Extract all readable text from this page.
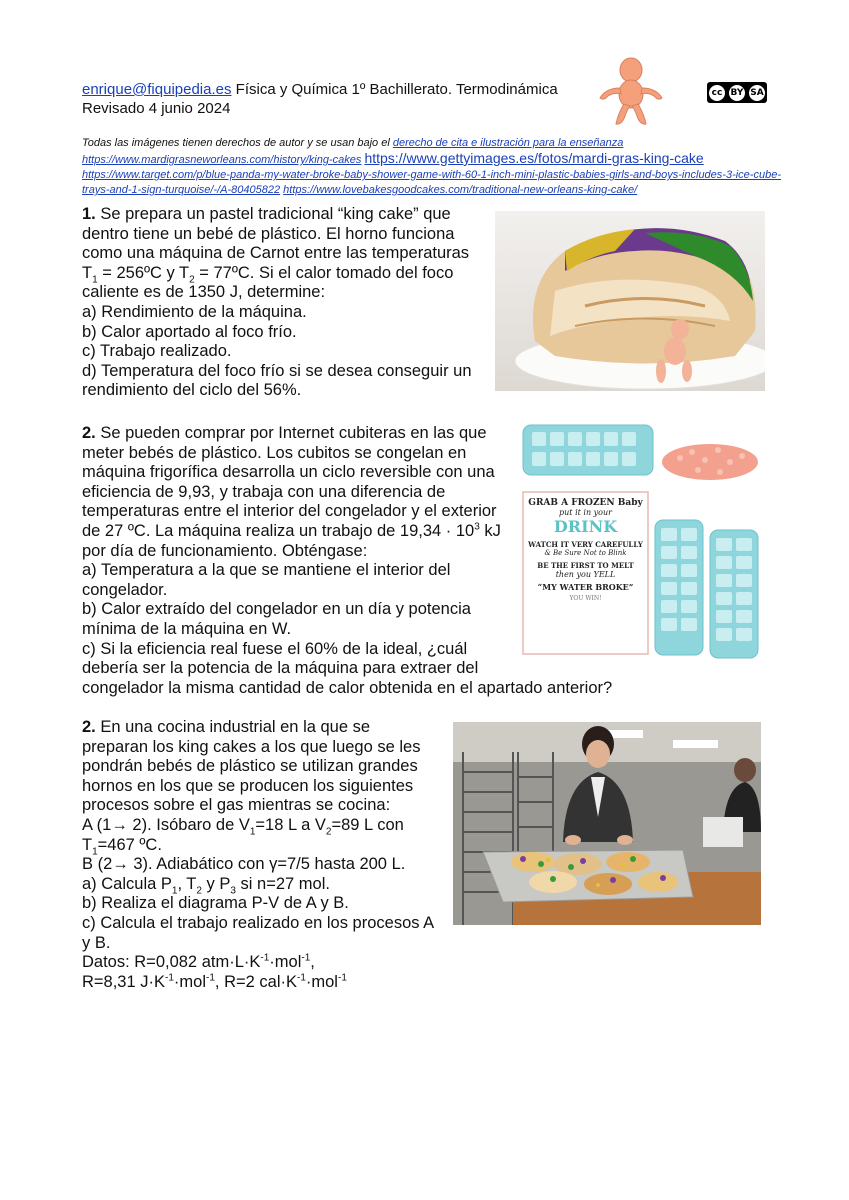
enrique@fiquipedia.es Física y Química 1º Bachillerato. Termodinámica
Revisado 4 junio 2024
cc BY SA
Todas las imágenes tienen derechos de autor y se usan bajo el derecho de cita e ilustración para la enseñanza
https://www.mardigrasneworleans.com/history/king-cakes https://www.gettyimages.es/fotos/mardi-gras-king-cake
https://www.target.com/p/blue-panda-my-water-broke-baby-shower-game-with-60-1-inch-mini-plastic-babies-girls-and-boys-includes-3-ice-cube-trays-and-1-sign-turquoise/-/A-80405822 https://www.lovebakesgoodcakes.com/traditional-new-orleans-king-cake/
1. Se prepara un pastel tradicional “king cake” que
dentro tiene un bebé de plástico. El horno funciona
como una máquina de Carnot entre las temperaturas
$T_1$ = 256ºC y $T_2$ = 77ºC. Si el calor tomado del foco
caliente es de 1350 J, determine:
a) Rendimiento de la máquina.
b) Calor aportado al foco frío.
c) Trabajo realizado.
d) Temperatura del foco frío si se desea conseguir un
rendimiento del ciclo del 56%.
2. Se pueden comprar por Internet cubiteras en las que
meter bebés de plástico. Los cubitos se congelan en
máquina frigorífica desarrolla un ciclo reversible con una
eficiencia de 9,93, y trabaja con una diferencia de
temperaturas entre el interior del congelador y el exterior
de 27 ºC. La máquina realiza un trabajo de $19,34 \cdot 10^3$ kJ
por día de funcionamiento. Obténgase:
a) Temperatura a la que se mantiene el interior del
congelador.
b) Calor extraído del congelador en un día y potencia
mínima de la máquina en W.
c) Si la eficiencia real fuese el 60% de la ideal, ¿cuál
debería ser la potencia de la máquina para extraer del
congelador la misma cantidad de calor obtenida en el apartado anterior?
GRAB A FROZEN Baby
put it in your
DRINK
WATCH IT VERY CAREFULLY
& Be Sure Not to Blink
BE THE FIRST TO MELT
then you YELL
“MY WATER BROKE”
YOU WIN!
2. En una cocina industrial en la que se
preparan los king cakes a los que luego se les
pondrán bebés de plástico se utilizan grandes
hornos en los que se producen los siguientes
procesos sobre el gas mientras se cocina:
A (1→ 2). Isóbaro de $V_1=18$ L a $V_2=89$ L con
$T_1=467$ ºC.
B (2→ 3). Adiabático con γ=7/5 hasta 200 L.
a) Calcula $P_1$, $T_2$ y $P_3$ si n=27 mol.
b) Realiza el diagrama P-V de A y B.
c) Calcula el trabajo realizado en los procesos A
y B.
Datos: R=0,082 $atm\cdot L\cdot K^{-1}\cdot mol^{-1}$,
R=8,31 $J\cdot K^{-1}\cdot mol^{-1}$, R=2 $cal\cdot K^{-1}\cdot mol^{-1}$
